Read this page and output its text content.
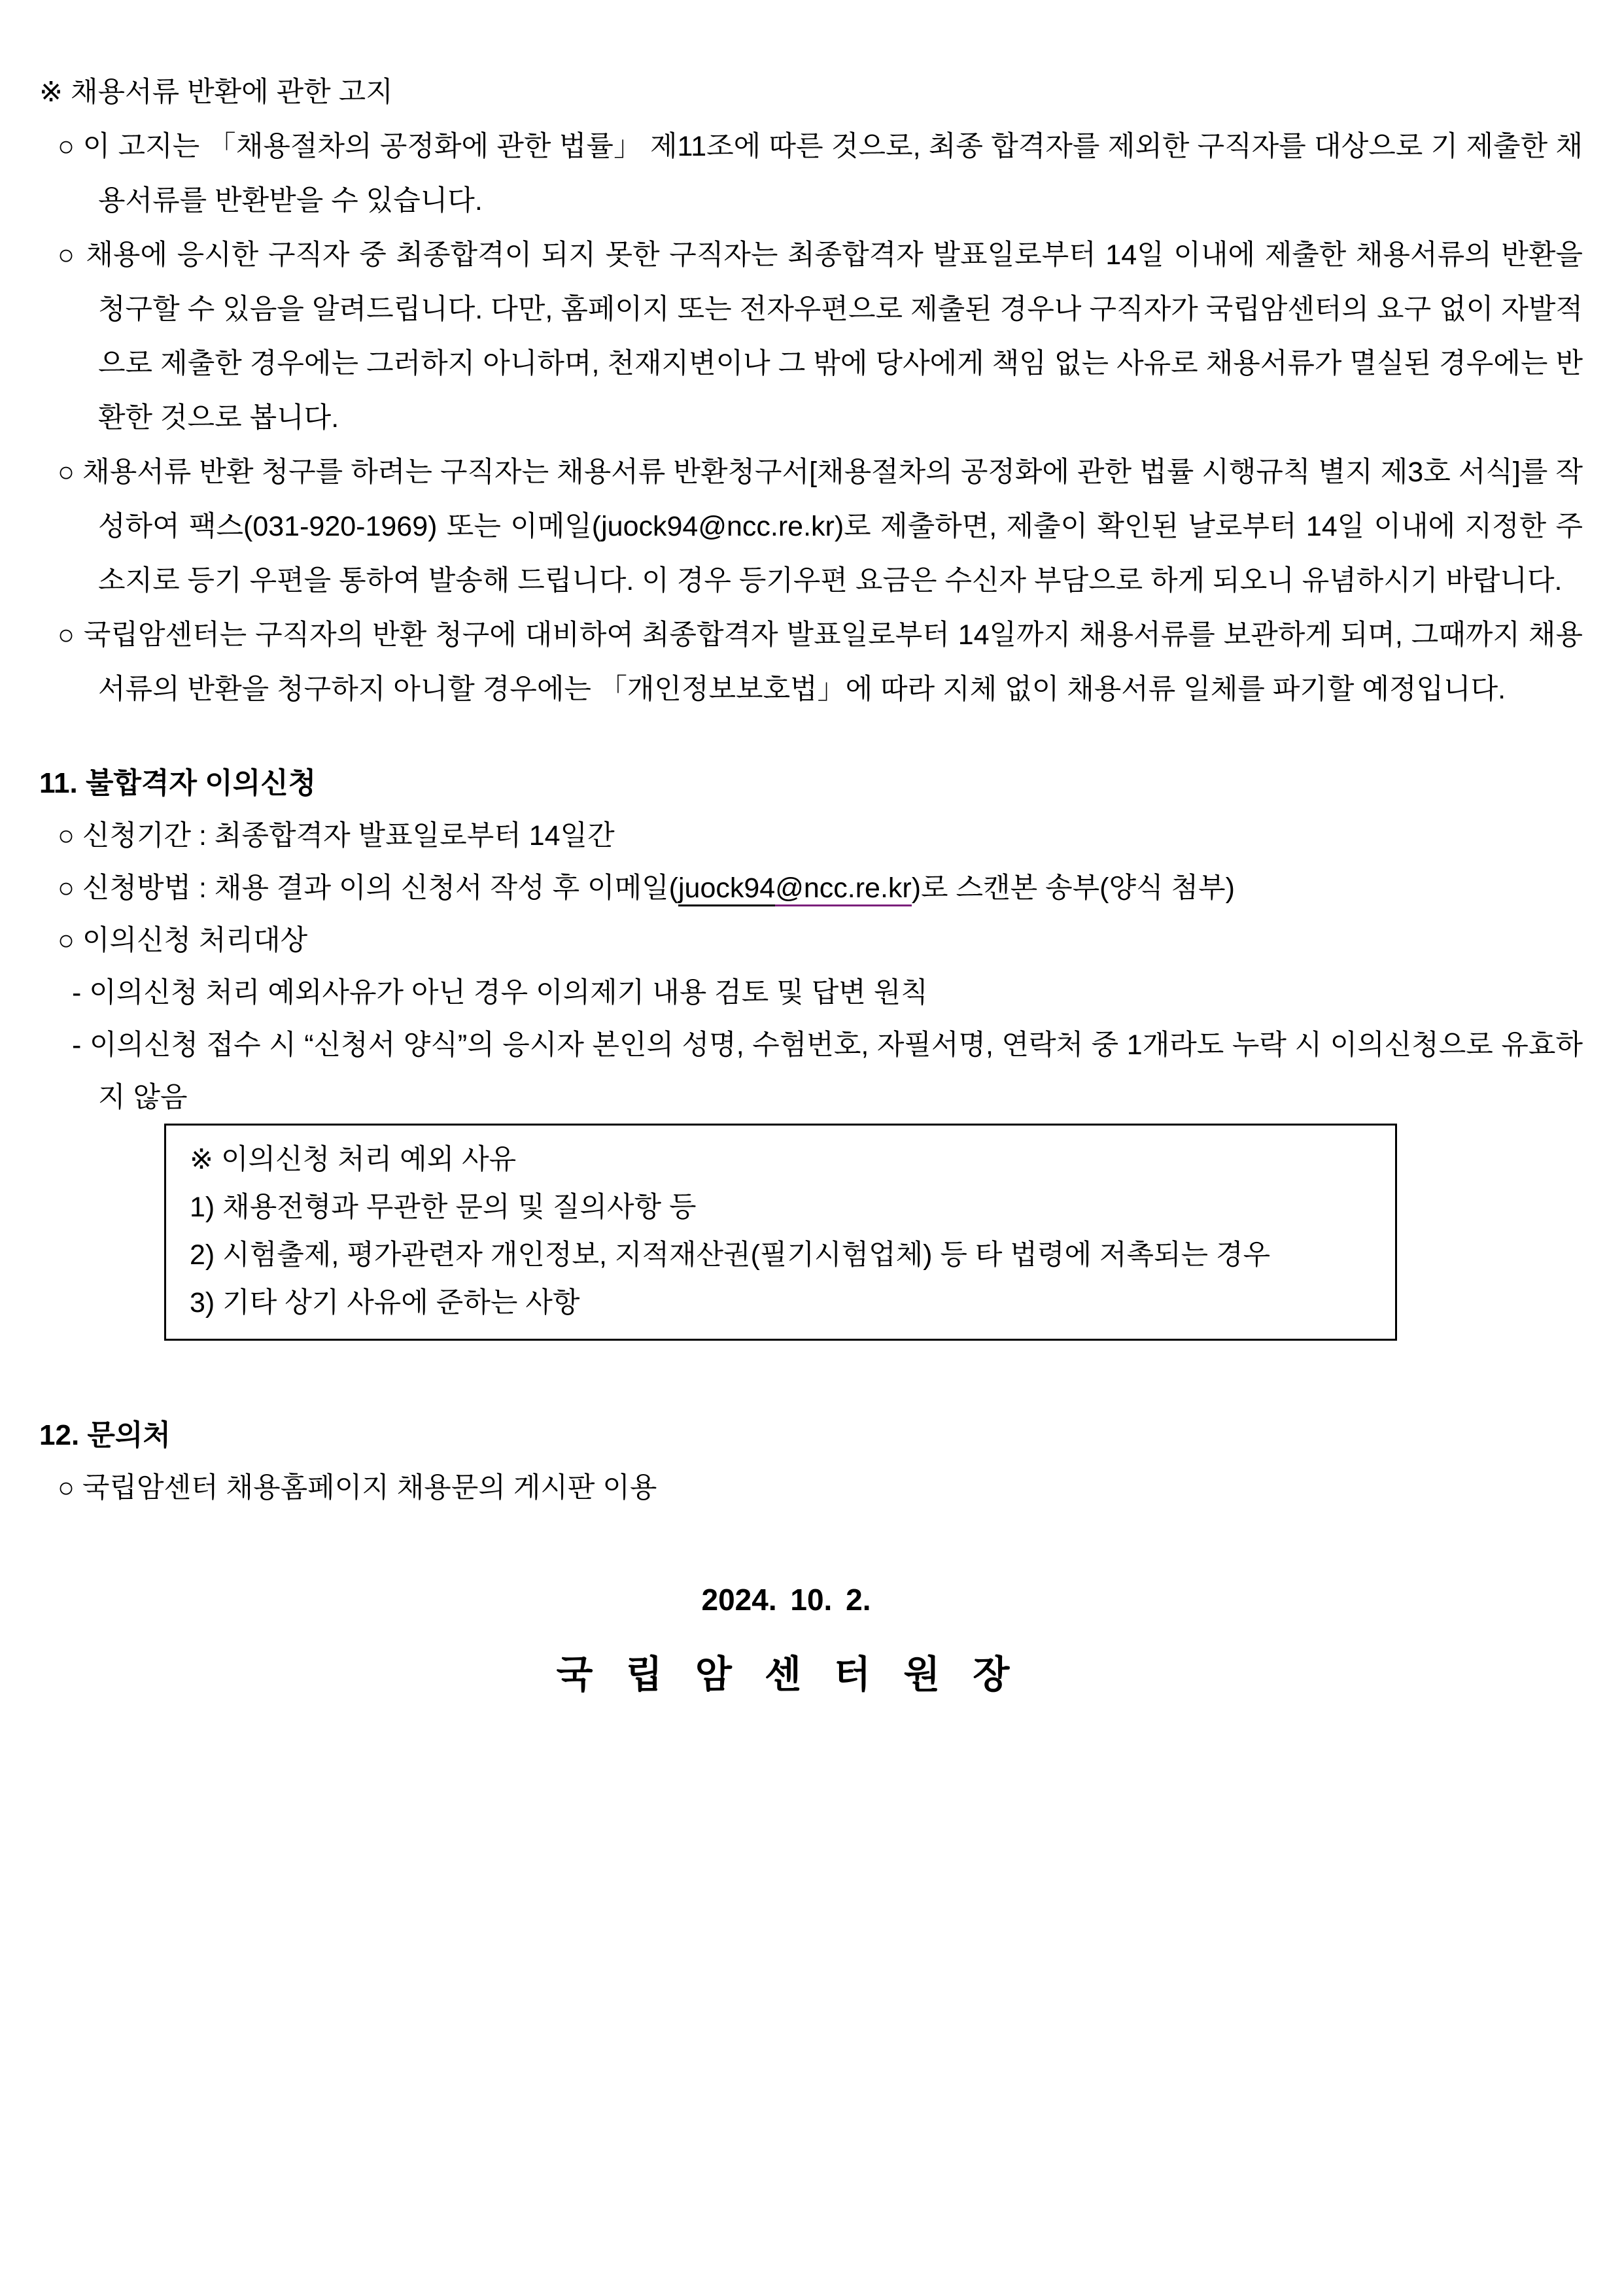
※ 채용서류 반환에 관한 고지

○ 이 고지는 「채용절차의 공정화에 관한 법률」 제11조에 따른 것으로, 최종 합격자를 제외한 구직자를 대상으로 기 제출한 채용서류를 반환받을 수 있습니다.

○ 채용에 응시한 구직자 중 최종합격이 되지 못한 구직자는 최종합격자 발표일로부터 14일 이내에 제출한 채용서류의 반환을 청구할 수 있음을 알려드립니다. 다만, 홈페이지 또는 전자우편으로 제출된 경우나 구직자가 국립암센터의 요구 없이 자발적으로 제출한 경우에는 그러하지 아니하며, 천재지변이나 그 밖에 당사에게 책임 없는 사유로 채용서류가 멸실된 경우에는 반환한 것으로 봅니다.

○ 채용서류 반환 청구를 하려는 구직자는 채용서류 반환청구서[채용절차의 공정화에 관한 법률 시행규칙 별지 제3호 서식]를 작성하여 팩스(031-920-1969) 또는 이메일(juock94@ncc.re.kr)로 제출하면, 제출이 확인된 날로부터 14일 이내에 지정한 주소지로 등기 우편을 통하여 발송해 드립니다. 이 경우 등기우편 요금은 수신자 부담으로 하게 되오니 유념하시기 바랍니다.

○ 국립암센터는 구직자의 반환 청구에 대비하여 최종합격자 발표일로부터 14일까지 채용서류를 보관하게 되며, 그때까지 채용서류의 반환을 청구하지 아니할 경우에는 「개인정보보호법」에 따라 지체 없이 채용서류 일체를 파기할 예정입니다.

11. 불합격자 이의신청

○ 신청기간 : 최종합격자 발표일로부터 14일간

○ 신청방법 : 채용 결과 이의 신청서 작성 후 이메일(juock94@ncc.re.kr)로 스캔본 송부(양식 첨부)

○ 이의신청 처리대상

- 이의신청 처리 예외사유가 아닌 경우 이의제기 내용 검토 및 답변 원칙

- 이의신청 접수 시 “신청서 양식”의 응시자 본인의 성명, 수험번호, 자필서명, 연락처 중 1개라도 누락 시 이의신청으로 유효하지 않음

※ 이의신청 처리 예외 사유

1) 채용전형과 무관한 문의 및 질의사항 등

2) 시험출제, 평가관련자 개인정보, 지적재산권(필기시험업체) 등 타 법령에 저촉되는 경우

3) 기타 상기 사유에 준하는 사항

12. 문의처

○ 국립암센터 채용홈페이지 채용문의 게시판 이용

2024. 10. 2.

국 립 암 센 터 원 장
